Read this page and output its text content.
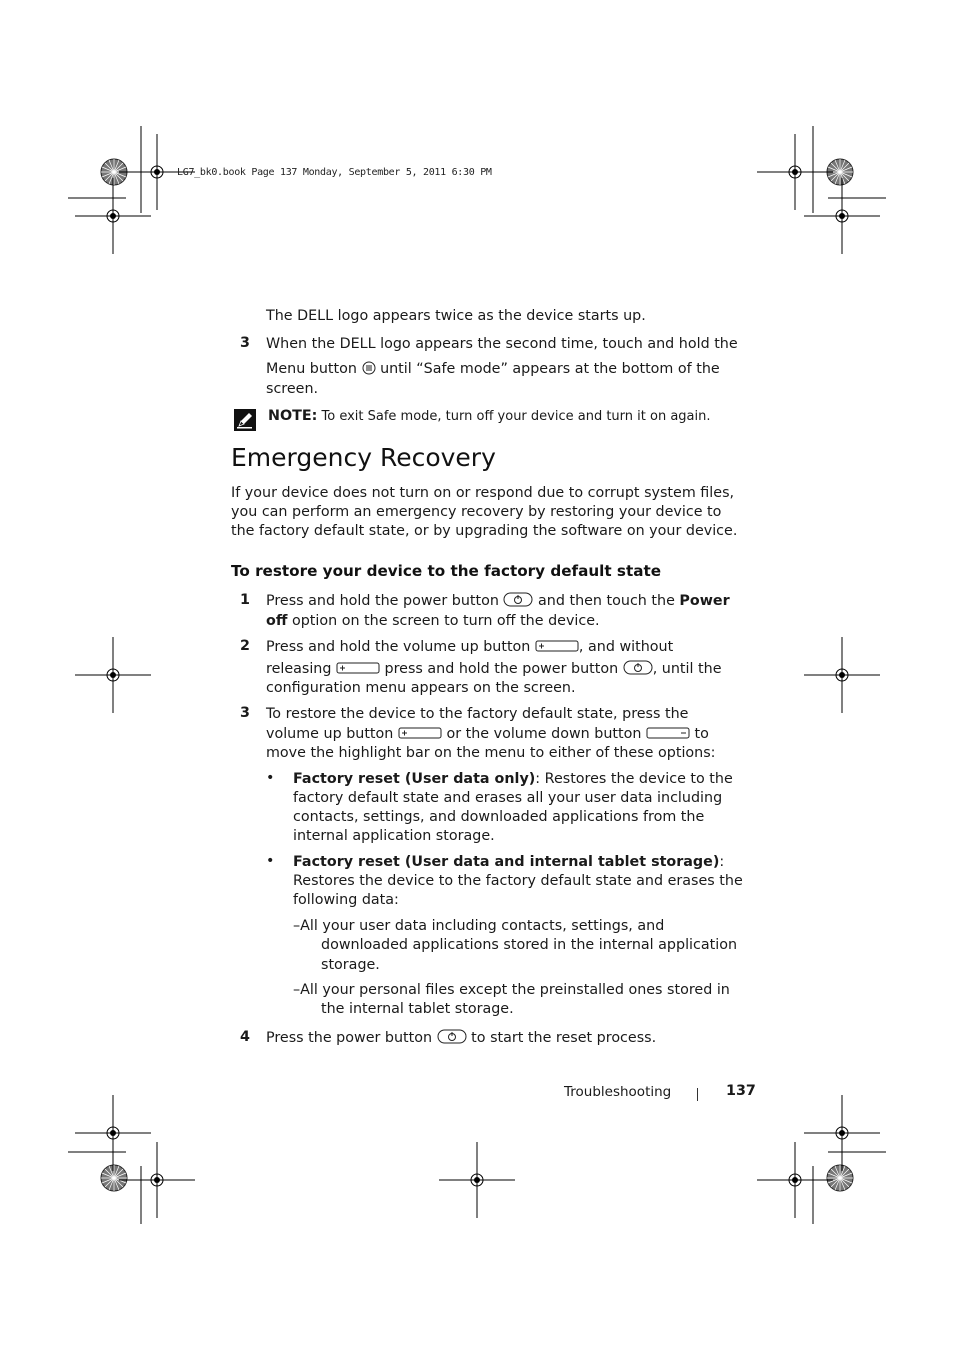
LG7_bk0.book Page 137 Monday, September 5, 2011 6:30 PM
The DELL logo appears twice as the device starts up.
3 When the DELL logo appears the second time, touch and hold the
Menu button until “Safe mode” appears at the bottom of the
screen.
NOTE: To exit Safe mode, turn off your device and turn it on again.
Emergency Recovery
If your device does not turn on or respond due to corrupt system files,
you can perform an emergency recovery by restoring your device to
the factory default state, or by upgrading the software on your device.
To restore your device to the factory default state
1 Press and hold the power button	and then touch the Power
off option on the screen to turn off the device.
2 Press and hold the volume up button	, and without
releasing	press and hold the power button , until the
configuration menu appears on the screen.
3 To restore the device to the factory default state, press the
volume up button	or the volume down button	to
move the highlight bar on the menu to either of these options:
• Factory reset (User data only): Restores the device to the
factory default state and erases all your user data including
contacts, settings, and downloaded applications from the
internal application storage.
• Factory reset (User data and internal tablet storage):
Restores the device to the factory default state and erases the
following data:
–All your user data including contacts, settings, and
downloaded applications stored in the internal application
storage.
–All your personal files except the preinstalled ones stored in
the internal tablet storage.
4 Press the power button	to start the reset process.
Troubleshooting	137
